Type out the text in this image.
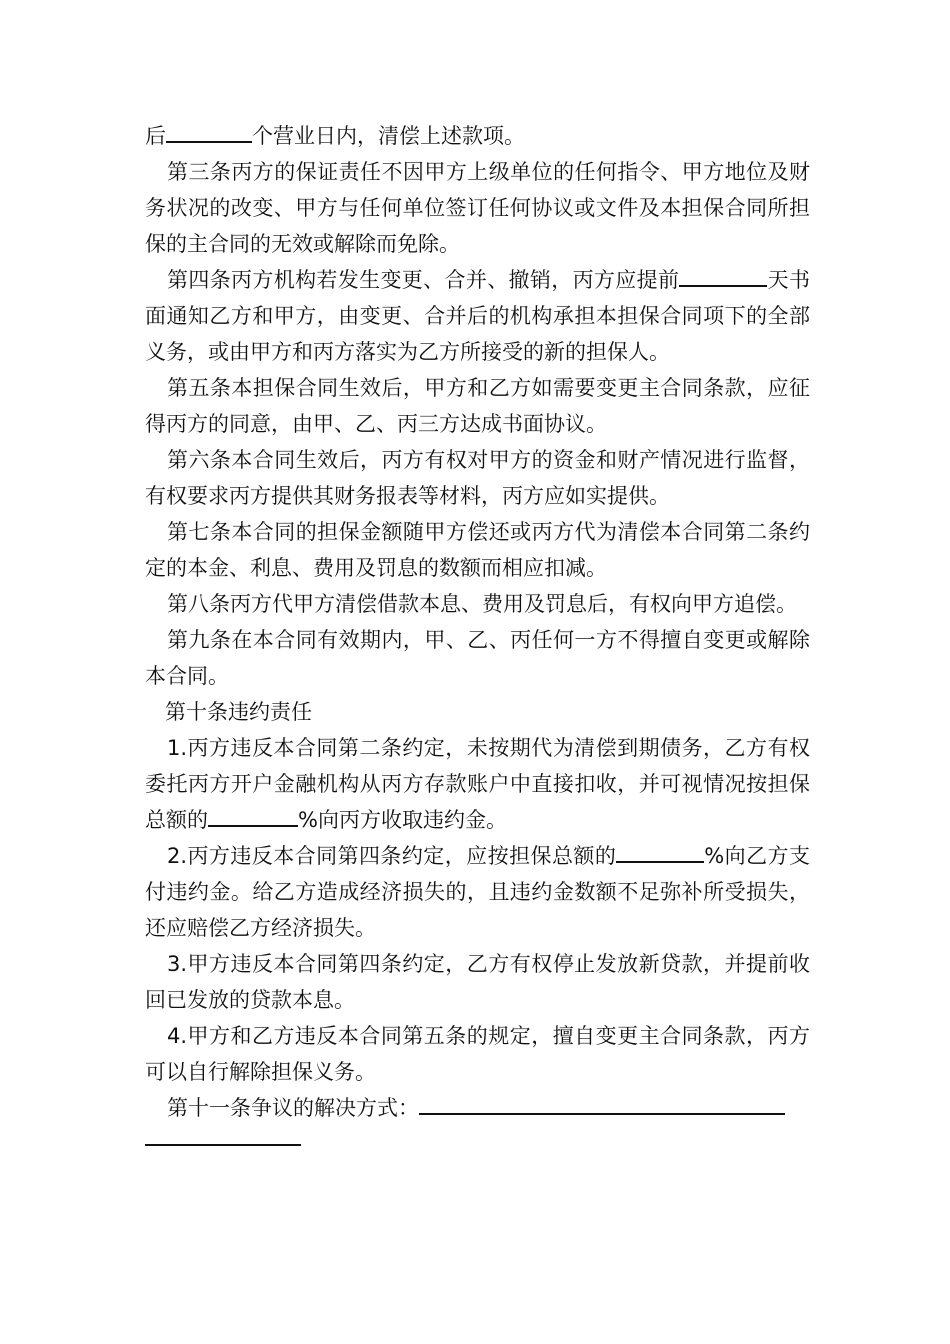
后	个营业日内，清偿上述款项。

第三条丙方的保证责任不因甲方上级单位的任何指令、甲方地位及财务状况的改变、甲方与任何单位签订任何协议或文件及本担保合同所担保的主合同的无效或解除而免除。

第四条丙方机构若发生变更、合并、撤销，丙方应提前	天书面通知乙方和甲方，由变更、合并后的机构承担本担保合同项下的全部义务，或由甲方和丙方落实为乙方所接受的新的担保人。

第五条本担保合同生效后，甲方和乙方如需要变更主合同条款，应征得丙方的同意，由甲、乙、丙三方达成书面协议。

第六条本合同生效后，丙方有权对甲方的资金和财产情况进行监督，有权要求丙方提供其财务报表等材料，丙方应如实提供。

第七条本合同的担保金额随甲方偿还或丙方代为清偿本合同第二条约定的本金、利息、费用及罚息的数额而相应扣减。

第八条丙方代甲方清偿借款本息、费用及罚息后，有权向甲方追偿。

第九条在本合同有效期内，甲、乙、丙任何一方不得擅自变更或解除本合同。

第十条违约责任

1.丙方违反本合同第二条约定，未按期代为清偿到期债务，乙方有权委托丙方开户金融机构从丙方存款账户中直接扣收，并可视情况按担保总额的	%向丙方收取违约金。

2.丙方违反本合同第四条约定，应按担保总额的	%向乙方支付违约金。给乙方造成经济损失的，且违约金数额不足弥补所受损失，还应赔偿乙方经济损失。

3.甲方违反本合同第四条约定，乙方有权停止发放新贷款，并提前收回已发放的贷款本息。

4.甲方和乙方违反本合同第五条的规定，擅自变更主合同条款，丙方可以自行解除担保义务。

第十一条争议的解决方式：
